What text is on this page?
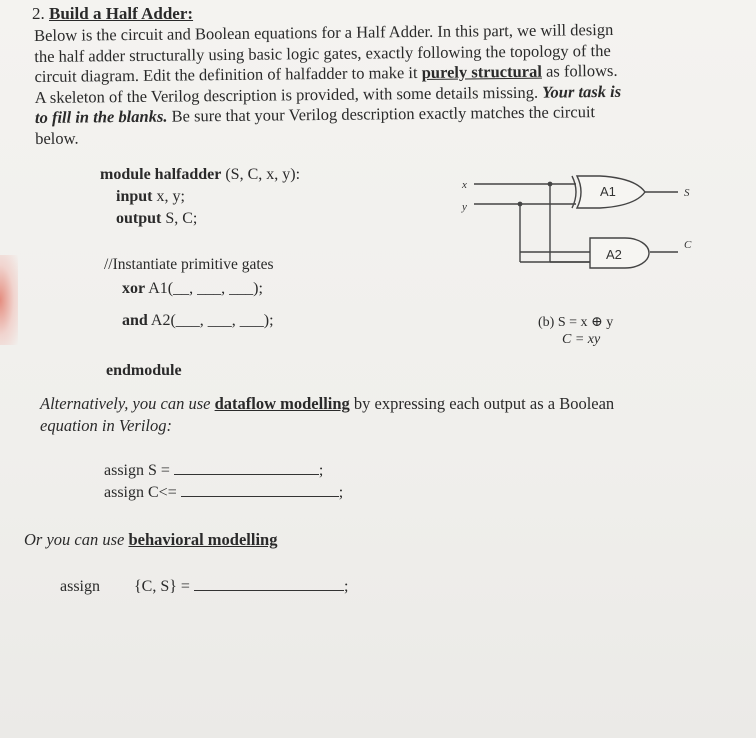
2. Build a Half Adder:
Below is the circuit and Boolean equations for a Half Adder. In this part, we will design
the half adder structurally using basic logic gates, exactly following the topology of the
circuit diagram. Edit the definition of halfadder to make it purely structural as follows.
A skeleton of the Verilog description is provided, with some details missing. Your task is
to fill in the blanks. Be sure that your Verilog description exactly matches the circuit
below.
module halfadder (S, C, x, y):
input x, y;
output S, C;
//Instantiate primitive gates
xor A1(__, ___, ___);
and A2(___, ___, ___);
endmodule
x
y
A1
A2
S
C
(b) S = x ⊕ y
C = xy
Alternatively, you can use dataflow modelling by expressing each output as a Boolean
equation in Verilog:
assign S =	;
assign C<=	;
Or you can use behavioral modelling
assign {C, S} =	;
